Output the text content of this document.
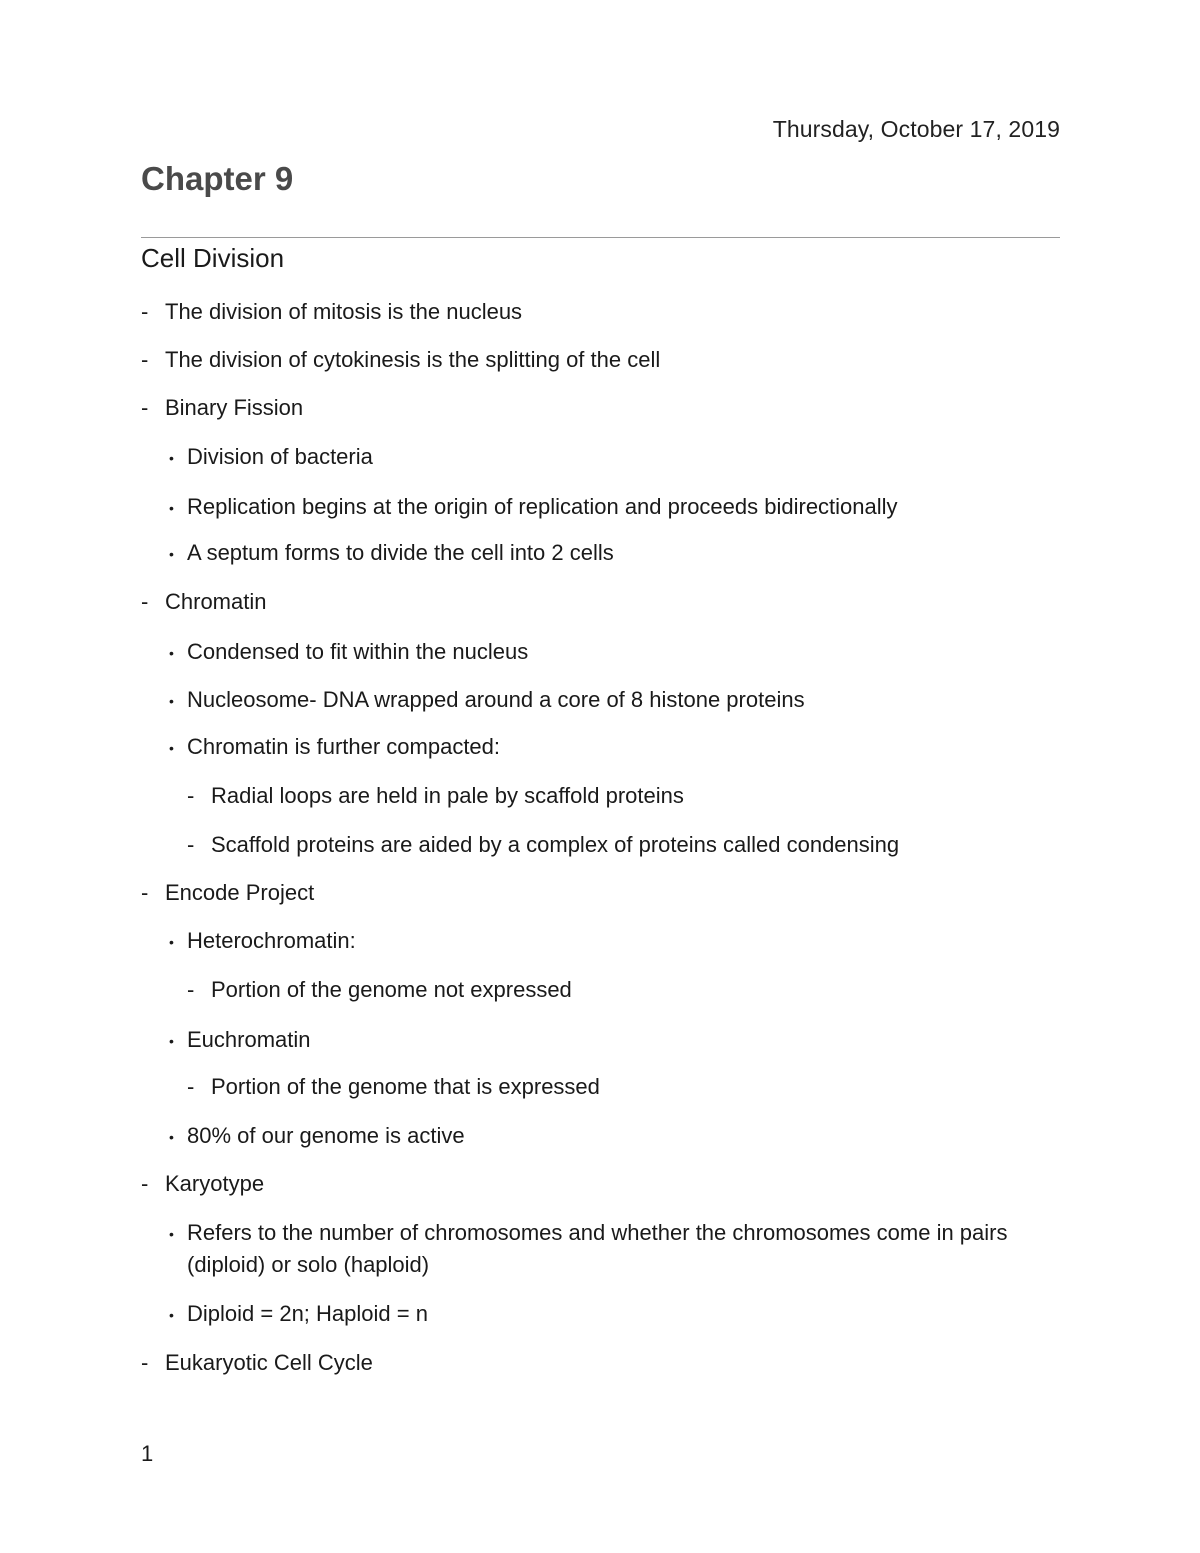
Thursday, October 17, 2019
Chapter 9
Cell Division
- The division of mitosis is the nucleus
- The division of cytokinesis is the splitting of the cell
- Binary Fission
• Division of bacteria
• Replication begins at the origin of replication and proceeds bidirectionally
• A septum forms to divide the cell into 2 cells
- Chromatin
• Condensed to fit within the nucleus
• Nucleosome- DNA wrapped around a core of 8 histone proteins
• Chromatin is further compacted:
- Radial loops are held in pale by scaffold proteins
- Scaffold proteins are aided by a complex of proteins called condensing
- Encode Project
• Heterochromatin:
- Portion of the genome not expressed
• Euchromatin
- Portion of the genome that is expressed
• 80% of our genome is active
- Karyotype
• Refers to the number of chromosomes and whether the chromosomes come in pairs (diploid) or solo (haploid)
• Diploid = 2n; Haploid = n
- Eukaryotic Cell Cycle
1
